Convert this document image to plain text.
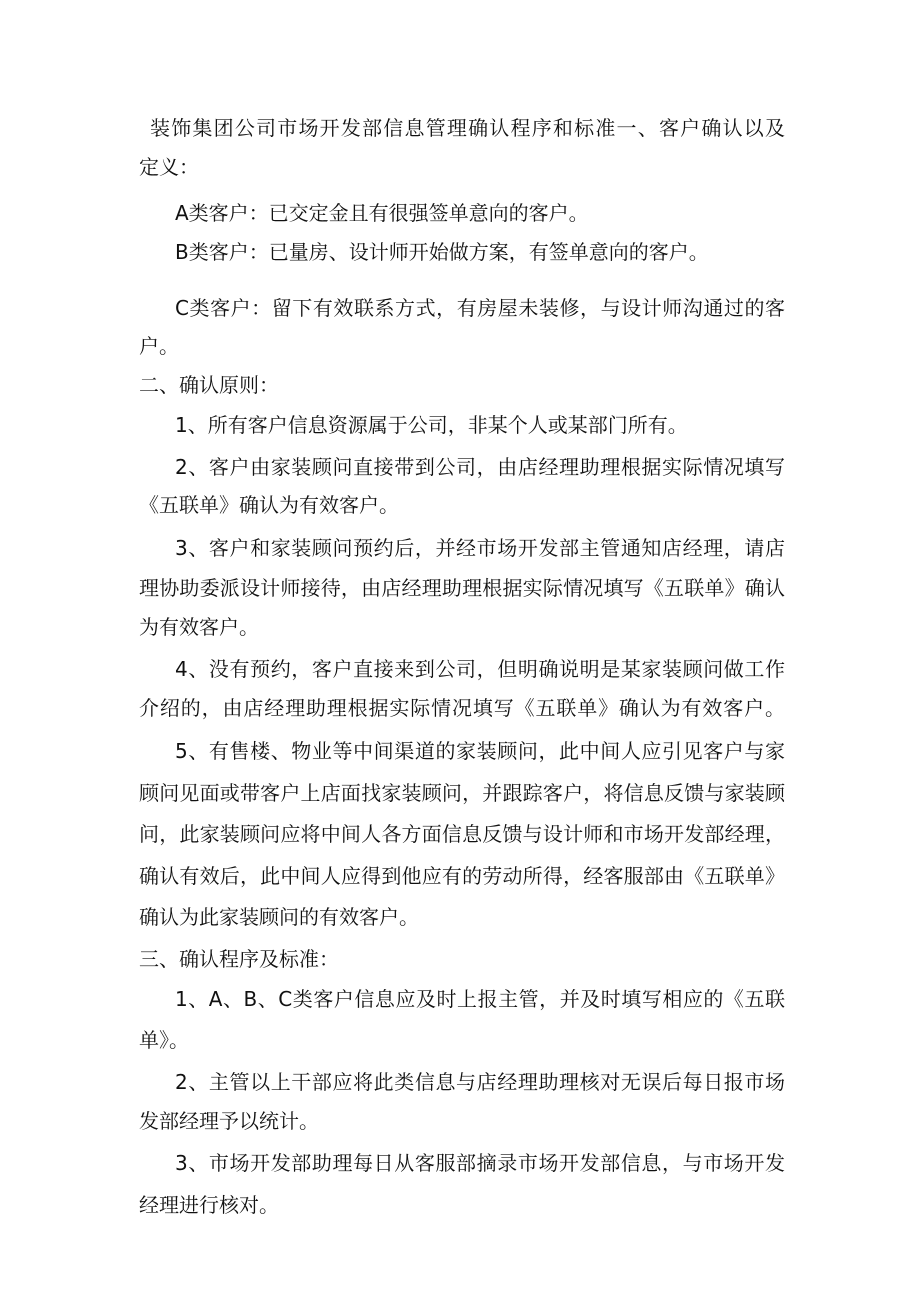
装饰集团公司市场开发部信息管理确认程序和标准一、客户确认以及
定义：
A类客户：已交定金且有很强签单意向的客户。
B类客户：已量房、设计师开始做方案，有签单意向的客户。
C类客户：留下有效联系方式，有房屋未装修，与设计师沟通过的客
户。
二、确认原则：
1、所有客户信息资源属于公司，非某个人或某部门所有。
2、客户由家装顾问直接带到公司，由店经理助理根据实际情况填写
《五联单》确认为有效客户。
3、客户和家装顾问预约后，并经市场开发部主管通知店经理，请店
理协助委派设计师接待，由店经理助理根据实际情况填写《五联单》确认
为有效客户。
4、没有预约，客户直接来到公司，但明确说明是某家装顾问做工作
介绍的，由店经理助理根据实际情况填写《五联单》确认为有效客户。
5、有售楼、物业等中间渠道的家装顾问，此中间人应引见客户与家
顾问见面或带客户上店面找家装顾问，并跟踪客户，将信息反馈与家装顾
问，此家装顾问应将中间人各方面信息反馈与设计师和市场开发部经理，
确认有效后，此中间人应得到他应有的劳动所得，经客服部由《五联单》
确认为此家装顾问的有效客户。
三、确认程序及标准：
1、A、B、C类客户信息应及时上报主管，并及时填写相应的《五联
单》。
2、主管以上干部应将此类信息与店经理助理核对无误后每日报市场
发部经理予以统计。
3、市场开发部助理每日从客服部摘录市场开发部信息，与市场开发
经理进行核对。
